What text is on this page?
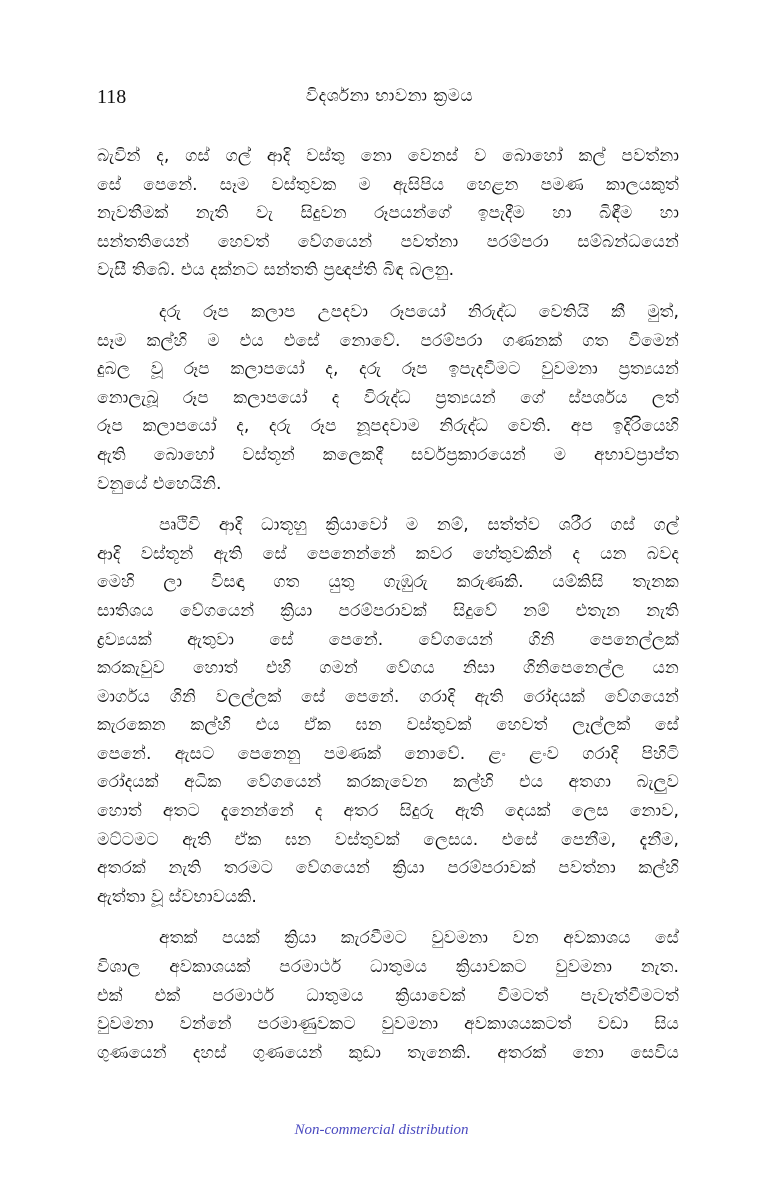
118	විදර්ශනා භාවනා ක්‍රමය

බැවින් ද, ගස් ගල් ආදි වස්තු නො වෙනස් ව බොහෝ කල් පවත්නා
සේ පෙනේ. සෑම වස්තුවක ම ඇසිපිය හෙළන පමණ කාලයකුත්
නැවතීමක් නැති වැ සිදුවන රූපයන්ගේ ඉපැදීම හා බිඳීම හා
සන්තතියෙන් හෙවත් වේගයෙන් පවත්නා පරම්පරා සම්බන්ධයෙන්
වැසී තිබේ. එය දක්නට සන්තති ප්‍රඥප්ති බිඳ බලනු.

දරු රූප කලාප උපදවා රූපයෝ නිරුද්ධ වෙතියි කී මුත්,
සෑම කල්හි ම එය එසේ නොවේ. පරම්පරා ගණනක් ගත වීමෙන්
දුබල වූ රූප කලාපයෝ ද, දරු රූප ඉපැදවීමට වුවමනා ප්‍රත්‍යයන්
නොලැබූ රූප කලාපයෝ ද විරුද්ධ ප්‍රත්‍යයන් ගේ ස්පර්ශය ලත්
රූප කලාපයෝ ද, දරු රූප නූපදවාම නිරුද්ධ වෙති. අප ඉදිරියෙහි
ඇති බොහෝ වස්තූන් කලෙකදී සර්වප්‍රකාරයෙන් ම අභාවප්‍රාප්ත
වනුයේ එහෙයිනි.

පෘථිවි ආදි ධාතූහු ක්‍රියාවෝ ම නම්, සත්ත්ව ශරීර ගස් ගල්
ආදි වස්තූන් ඇති සේ පෙනෙන්නේ කවර හේතුවකින් ද යන බවද
මෙහි ලා විසඳා ගත යුතු ගැඹුරු කරුණකි. යම්කිසි තැනක
සාතිශය වේගයෙන් ක්‍රියා පරම්පරාවක් සිදුවේ නම් එතැන නැති
ද්‍රව්‍යයක් ඇතුවා සේ පෙනේ. වේගයෙන් ගිනි පෙනෙල්ලක්
කරකැවුව හොත් එහි ගමන් වේගය නිසා ගිනිපෙනෙල්ල යන
මාර්ගය ගිනි වලල්ලක් සේ පෙනේ. ගරාදි ඇති රෝදයක් වේගයෙන්
කැරකෙන කල්හි එය ඒක ඝන වස්තුවක් හෙවත් ලෑල්ලක් සේ
පෙනේ. ඇසට පෙනෙනු පමණක් නොවේ. ළං ළංව ගරාදි පිහිටි
රෝදයක් අධික වේගයෙන් කරකැවෙන කල්හි එය අතගා බැලුව
හොත් අතට දැනෙන්නේ ද අතර සිදුරු ඇති දෙයක් ලෙස නොව,
මට්ටමට ඇති ඒක ඝන වස්තුවක් ලෙසය. එසේ පෙනීම, දැනීම,
අතරක් නැති තරමට වේගයෙන් ක්‍රියා පරම්පරාවක් පවත්නා කල්හි
ඇත්තා වූ ස්වභාවයකි.

අතක් පයක් ක්‍රියා කැරවීමට වුවමනා වන අවකාශය සේ
විශාල අවකාශයක් පරමාර්ථ ධාතුමය ක්‍රියාවකට වුවමනා නැත.
එක් එක් පරමාර්ථ ධාතුමය ක්‍රියාවෙක් වීමටත් පැවැත්වීමටත්
වුවමනා වන්නේ පරමාණුවකට වුවමනා අවකාශයකටත් වඩා සිය
ගුණයෙන් දහස් ගුණයෙන් කුඩා තැනෙකි. අතරක් නො සෙවිය

Non-commercial distribution
